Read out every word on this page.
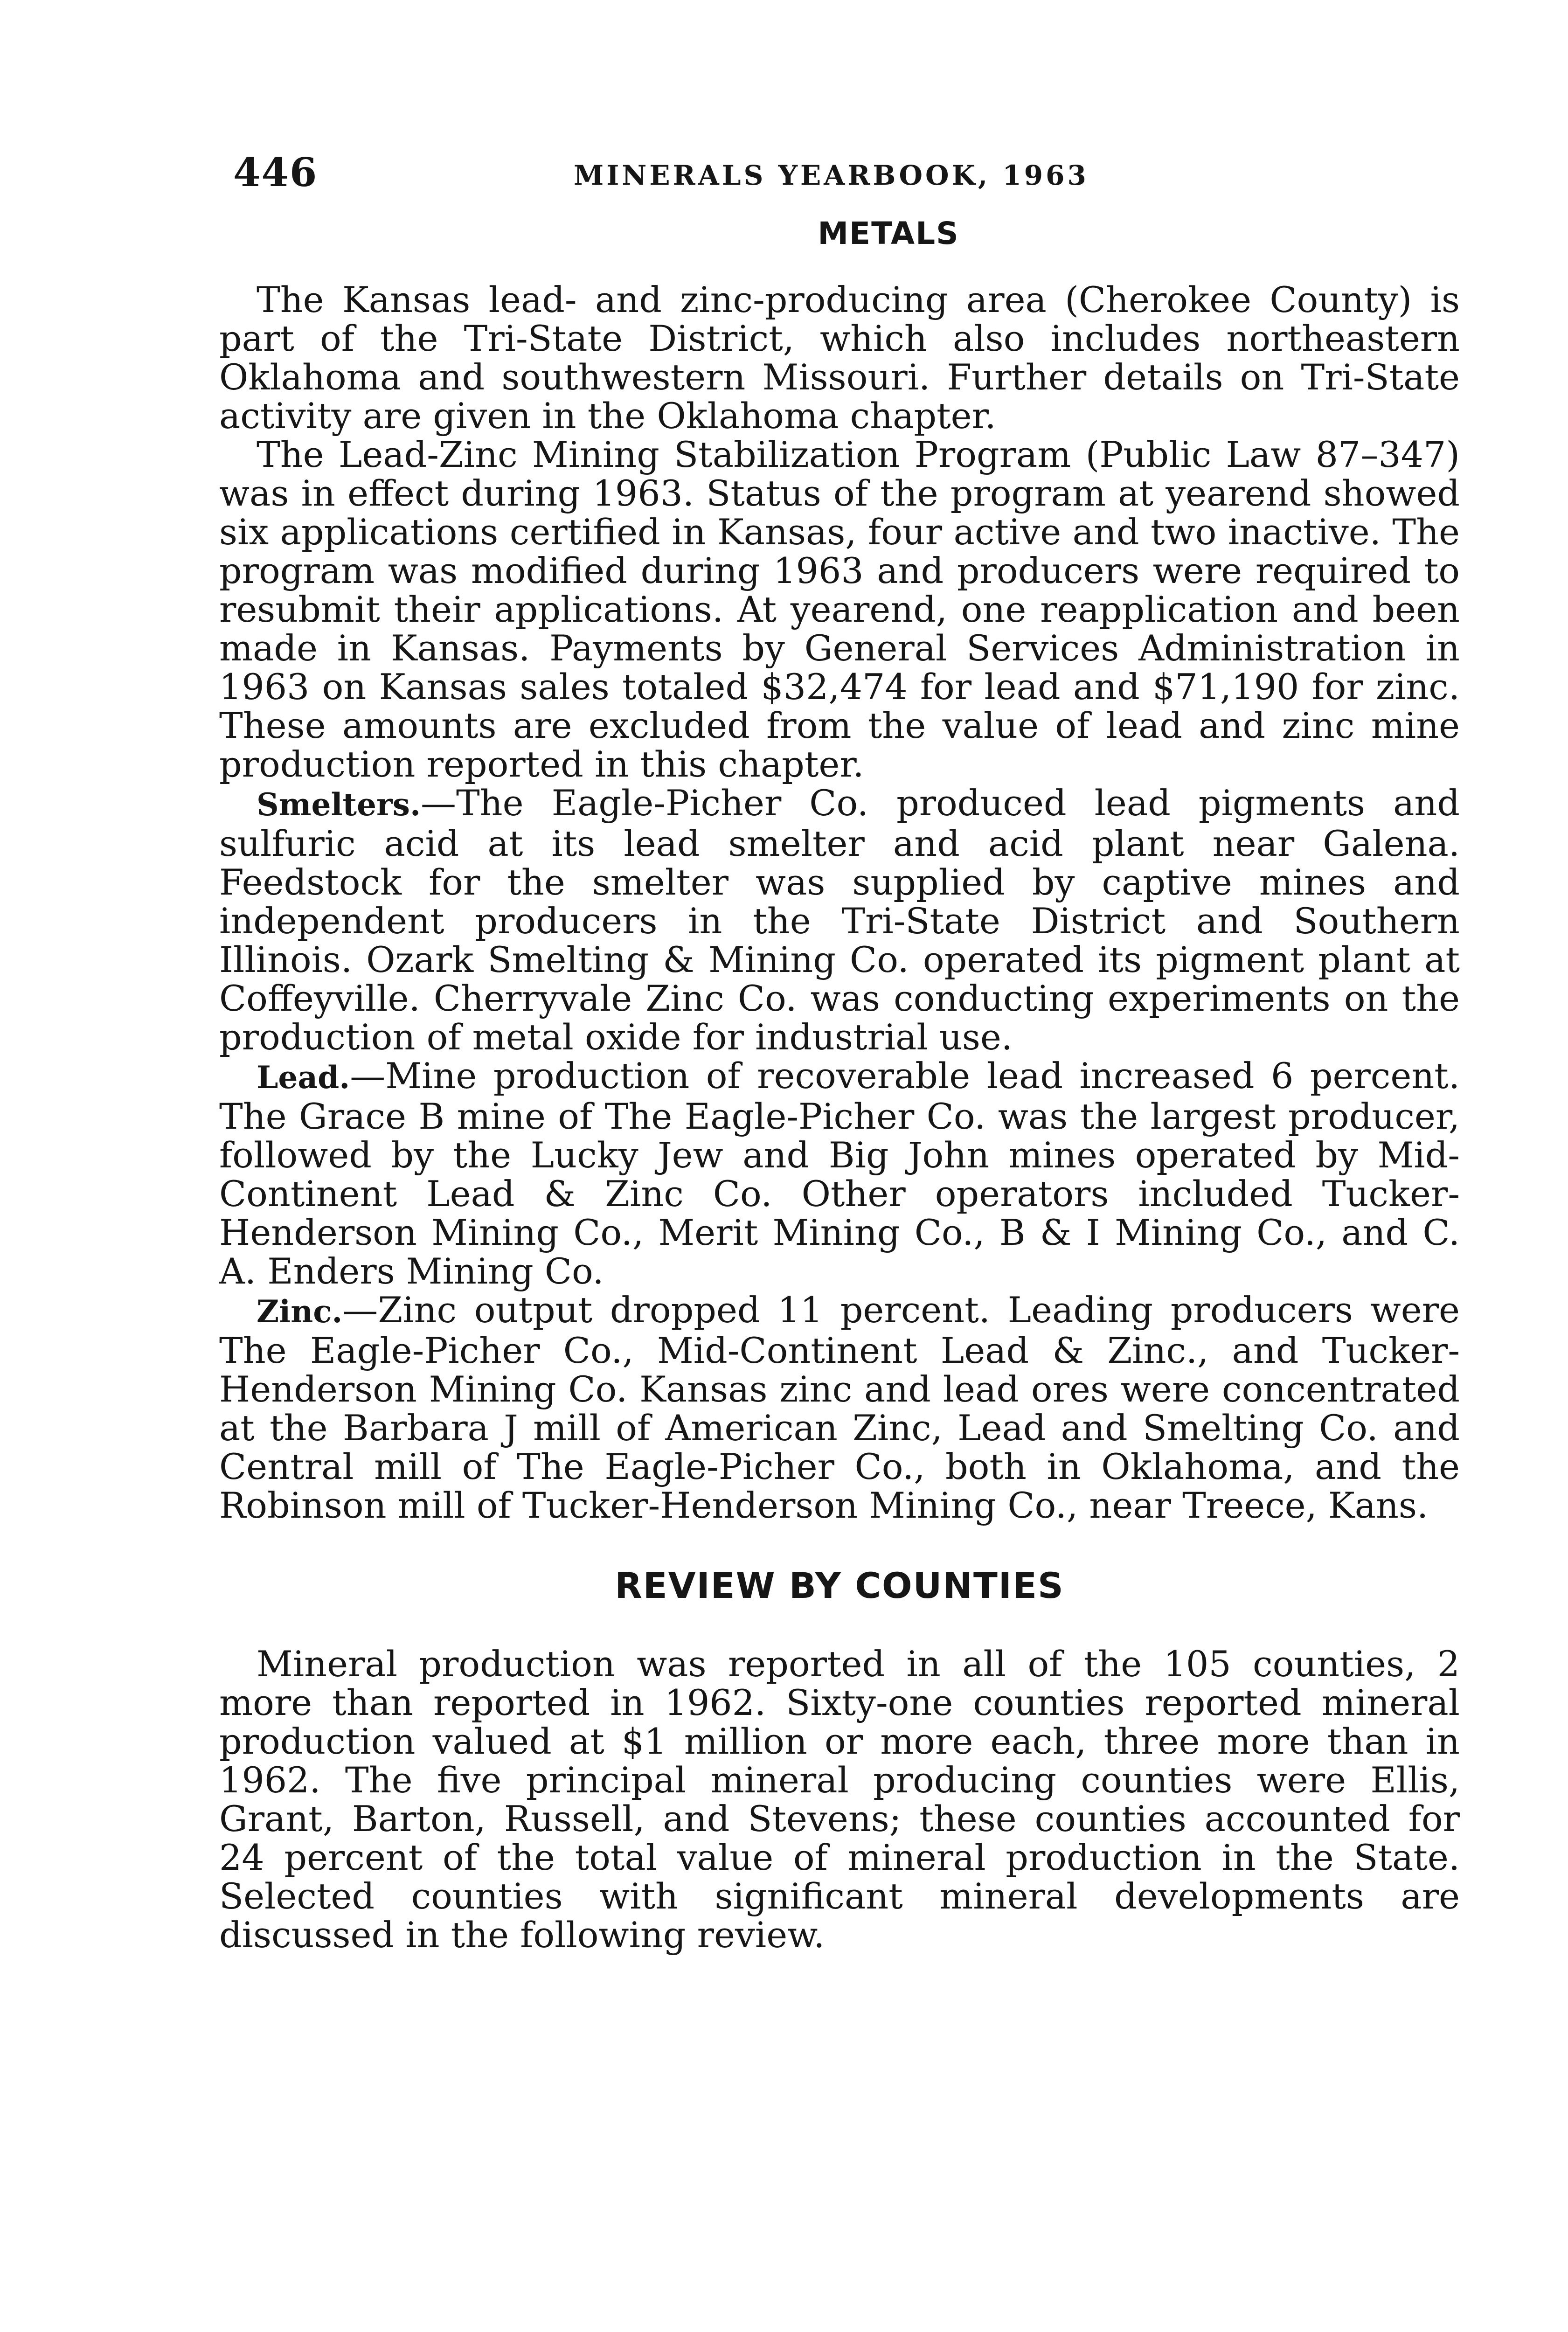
446	MINERALS YEARBOOK, 1963
METALS

The Kansas lead- and zinc-producing area (Cherokee County) is part of the Tri-State District, which also includes northeastern Oklahoma and southwestern Missouri. Further details on Tri-State activity are given in the Oklahoma chapter.

The Lead-Zinc Mining Stabilization Program (Public Law 87–347) was in effect during 1963. Status of the program at yearend showed six applications certified in Kansas, four active and two inactive. The program was modified during 1963 and producers were required to resubmit their applications. At yearend, one reapplication and been made in Kansas. Payments by General Services Administration in 1963 on Kansas sales totaled $32,474 for lead and $71,190 for zinc. These amounts are excluded from the value of lead and zinc mine production reported in this chapter.

Smelters.—The Eagle-Picher Co. produced lead pigments and sulfuric acid at its lead smelter and acid plant near Galena. Feedstock for the smelter was supplied by captive mines and independent producers in the Tri-State District and Southern Illinois. Ozark Smelting & Mining Co. operated its pigment plant at Coffeyville. Cherryvale Zinc Co. was conducting experiments on the production of metal oxide for industrial use.

Lead.—Mine production of recoverable lead increased 6 percent. The Grace B mine of The Eagle-Picher Co. was the largest producer, followed by the Lucky Jew and Big John mines operated by Mid-Continent Lead & Zinc Co. Other operators included Tucker-Henderson Mining Co., Merit Mining Co., B & I Mining Co., and C. A. Enders Mining Co.

Zinc.—Zinc output dropped 11 percent. Leading producers were The Eagle-Picher Co., Mid-Continent Lead & Zinc., and Tucker-Henderson Mining Co. Kansas zinc and lead ores were concentrated at the Barbara J mill of American Zinc, Lead and Smelting Co. and Central mill of The Eagle-Picher Co., both in Oklahoma, and the Robinson mill of Tucker-Henderson Mining Co., near Treece, Kans.

REVIEW BY COUNTIES

Mineral production was reported in all of the 105 counties, 2 more than reported in 1962. Sixty-one counties reported mineral production valued at $1 million or more each, three more than in 1962. The five principal mineral producing counties were Ellis, Grant, Barton, Russell, and Stevens; these counties accounted for 24 percent of the total value of mineral production in the State. Selected counties with significant mineral developments are discussed in the following review.
